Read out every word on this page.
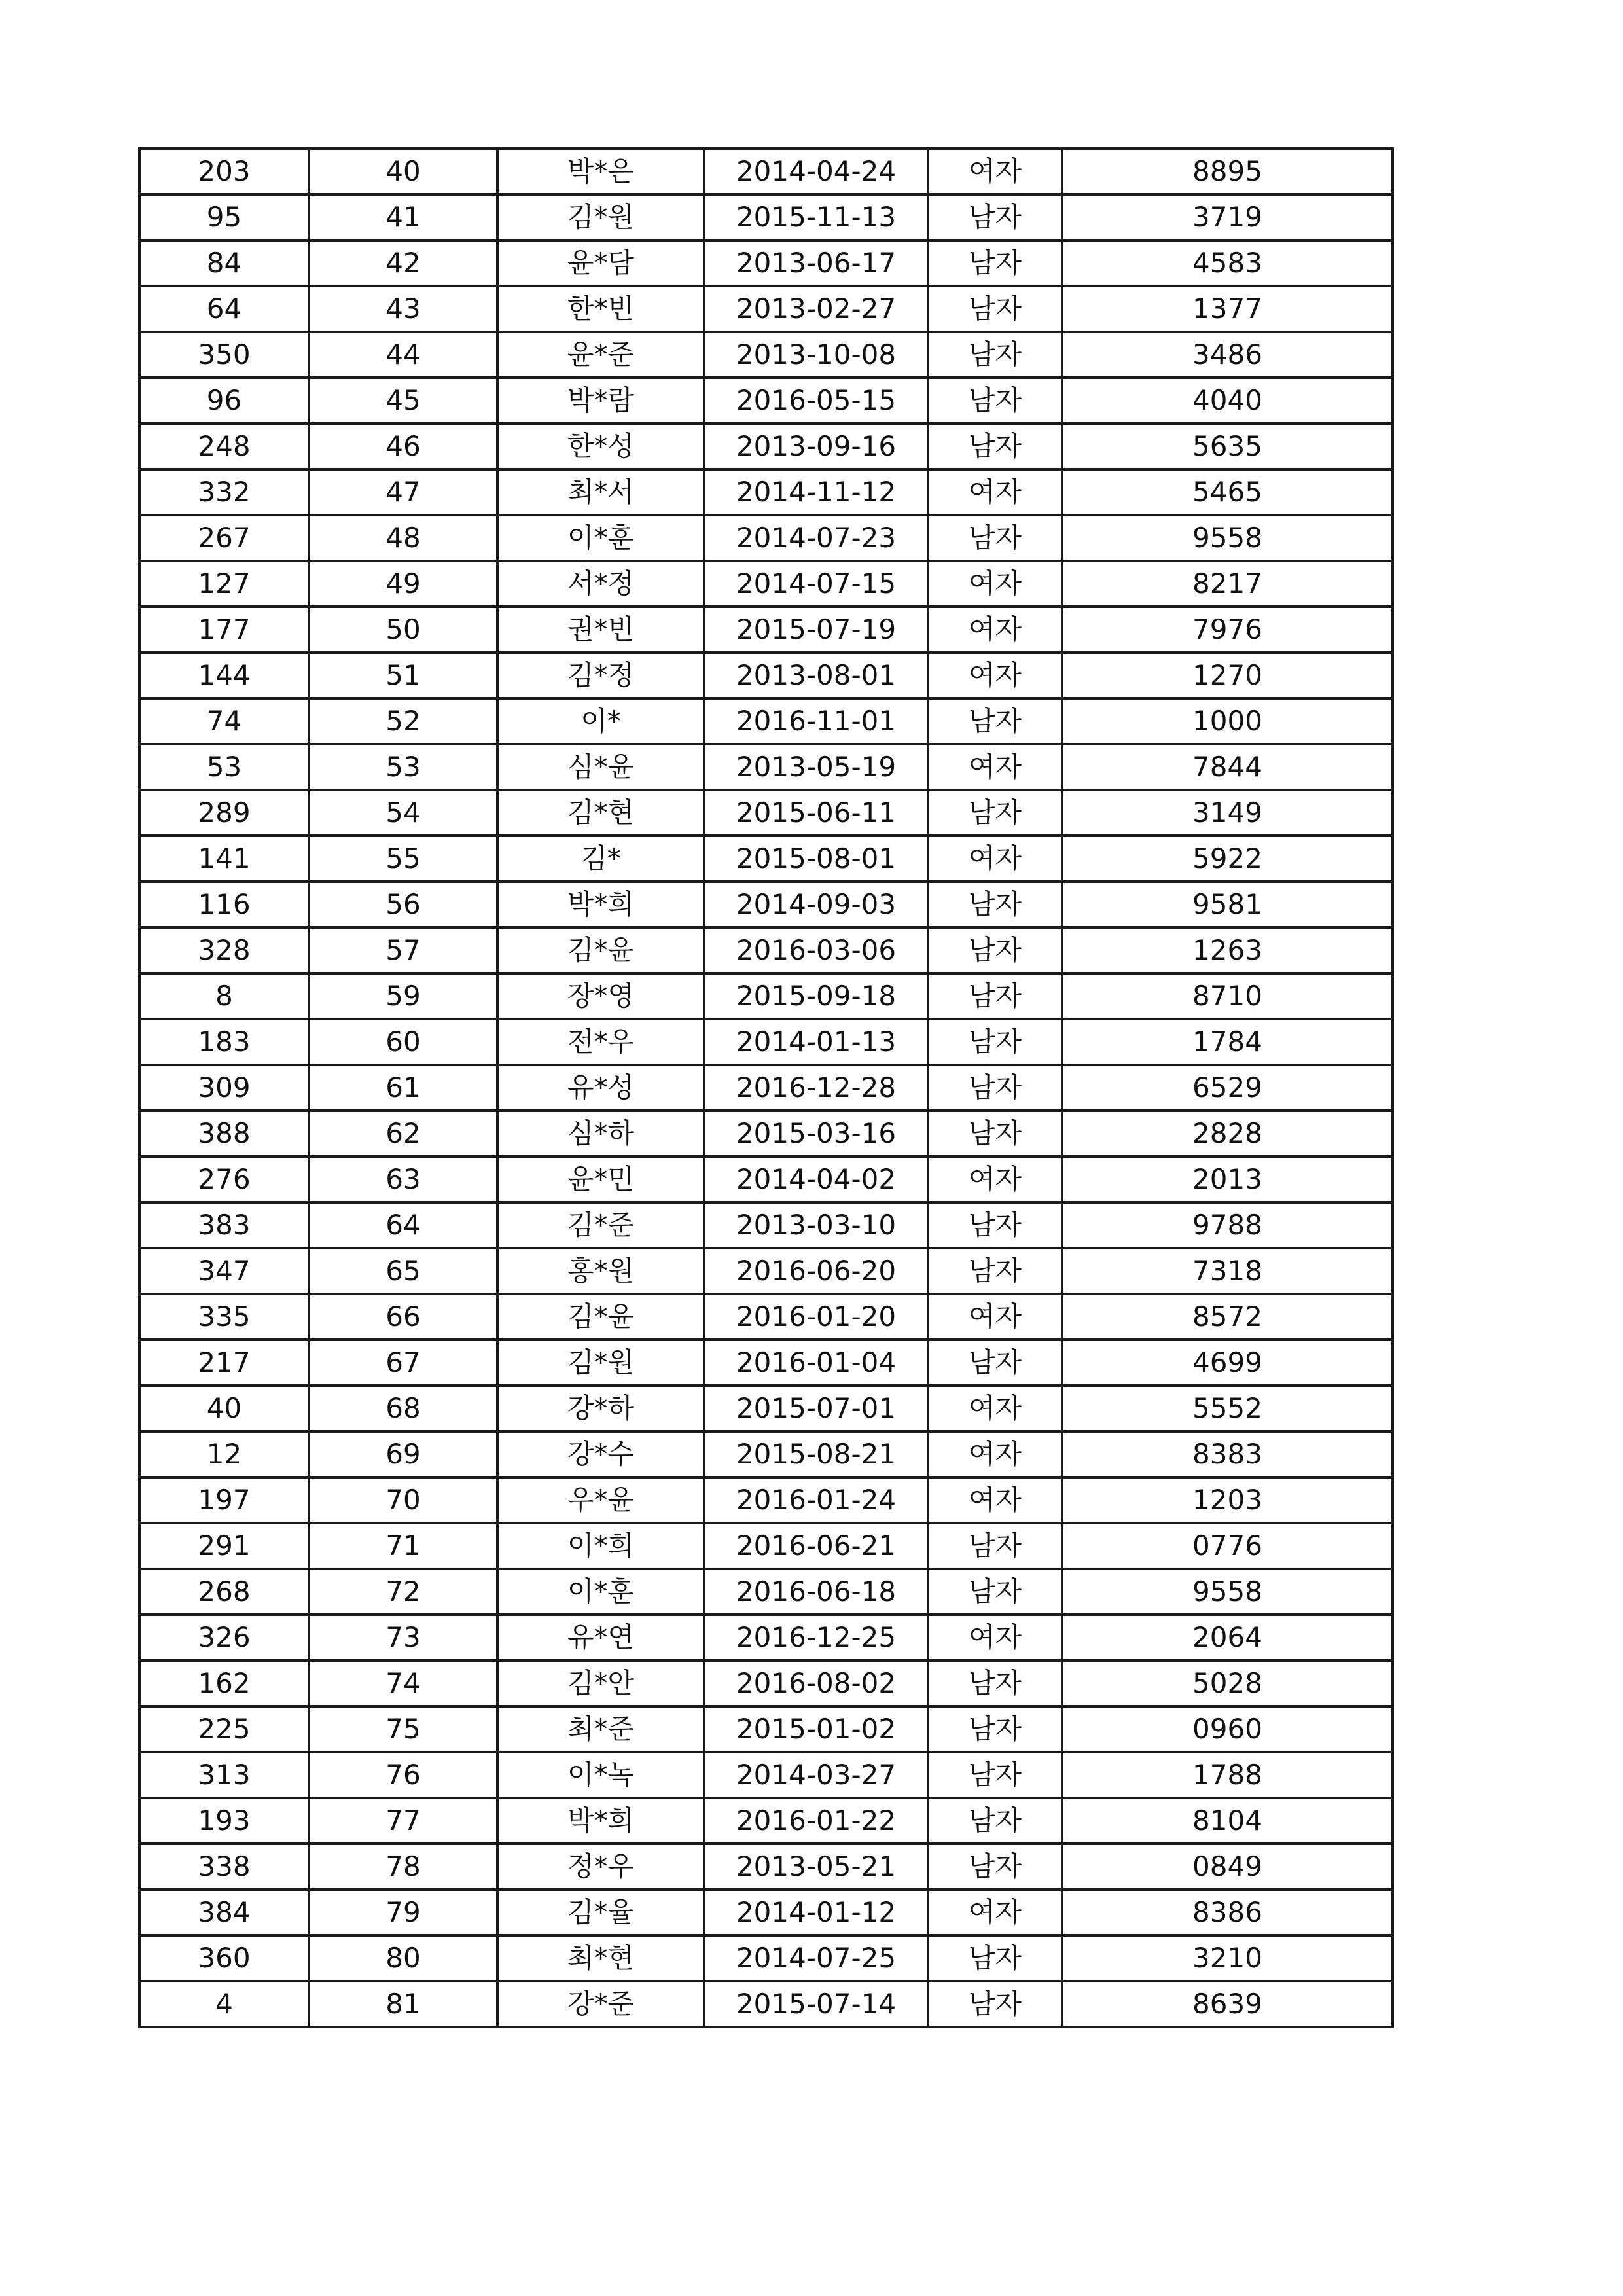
203	40	박*은	2014-04-24	여자	8895
95	41	김*원	2015-11-13	남자	3719
84	42	윤*담	2013-06-17	남자	4583
64	43	한*빈	2013-02-27	남자	1377
350	44	윤*준	2013-10-08	남자	3486
96	45	박*람	2016-05-15	남자	4040
248	46	한*성	2013-09-16	남자	5635
332	47	최*서	2014-11-12	여자	5465
267	48	이*훈	2014-07-23	남자	9558
127	49	서*정	2014-07-15	여자	8217
177	50	권*빈	2015-07-19	여자	7976
144	51	김*정	2013-08-01	여자	1270
74	52	이*	2016-11-01	남자	1000
53	53	심*윤	2013-05-19	여자	7844
289	54	김*현	2015-06-11	남자	3149
141	55	김*	2015-08-01	여자	5922
116	56	박*희	2014-09-03	남자	9581
328	57	김*윤	2016-03-06	남자	1263
8	59	장*영	2015-09-18	남자	8710
183	60	전*우	2014-01-13	남자	1784
309	61	유*성	2016-12-28	남자	6529
388	62	심*하	2015-03-16	남자	2828
276	63	윤*민	2014-04-02	여자	2013
383	64	김*준	2013-03-10	남자	9788
347	65	홍*원	2016-06-20	남자	7318
335	66	김*윤	2016-01-20	여자	8572
217	67	김*원	2016-01-04	남자	4699
40	68	강*하	2015-07-01	여자	5552
12	69	강*수	2015-08-21	여자	8383
197	70	우*윤	2016-01-24	여자	1203
291	71	이*희	2016-06-21	남자	0776
268	72	이*훈	2016-06-18	남자	9558
326	73	유*연	2016-12-25	여자	2064
162	74	김*안	2016-08-02	남자	5028
225	75	최*준	2015-01-02	남자	0960
313	76	이*녹	2014-03-27	남자	1788
193	77	박*희	2016-01-22	남자	8104
338	78	정*우	2013-05-21	남자	0849
384	79	김*율	2014-01-12	여자	8386
360	80	최*현	2014-07-25	남자	3210
4	81	강*준	2015-07-14	남자	8639
